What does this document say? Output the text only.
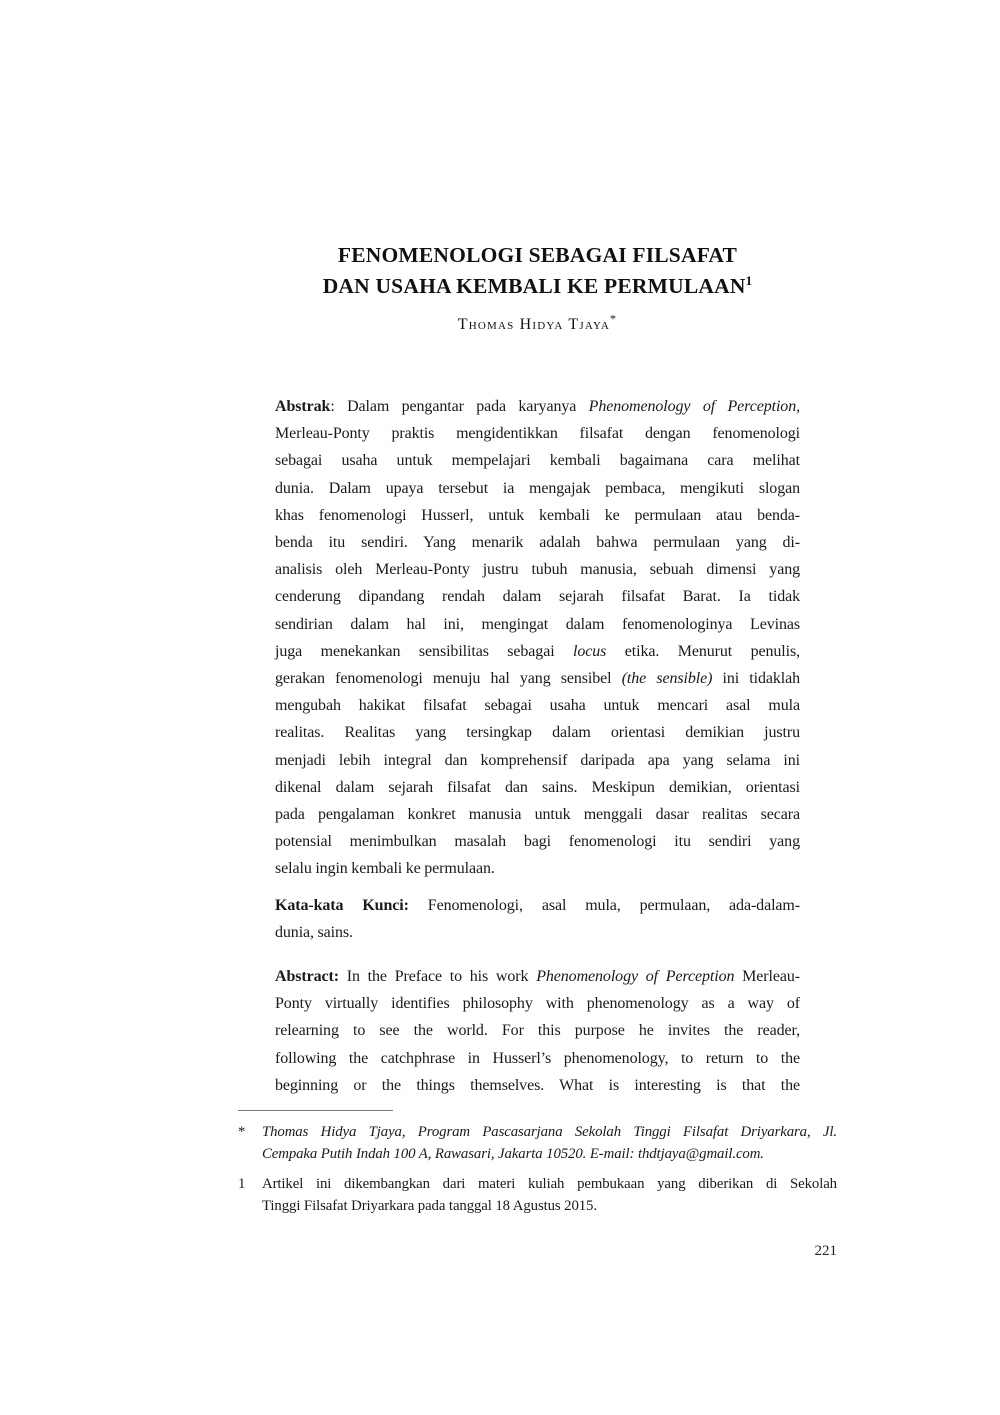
FENOMENOLOGI SEBAGAI FILSAFAT
DAN USAHA KEMBALI KE PERMULAAN$^1$
Thomas Hidya Tjaya*
Abstrak: Dalam pengantar pada karyanya Phenomenology of Perception,
Merleau-Ponty praktis mengidentikkan filsafat dengan fenomenologi
sebagai usaha untuk mempelajari kembali bagaimana cara melihat
dunia. Dalam upaya tersebut ia mengajak pembaca, mengikuti slogan
khas fenomenologi Husserl, untuk kembali ke permulaan atau benda-
benda itu sendiri. Yang menarik adalah bahwa permulaan yang di-
analisis oleh Merleau-Ponty justru tubuh manusia, sebuah dimensi yang
cenderung dipandang rendah dalam sejarah filsafat Barat. Ia tidak
sendirian dalam hal ini, mengingat dalam fenomenologinya Levinas
juga menekankan sensibilitas sebagai locus etika. Menurut penulis,
gerakan fenomenologi menuju hal yang sensibel (the sensible) ini tidaklah
mengubah hakikat filsafat sebagai usaha untuk mencari asal mula
realitas. Realitas yang tersingkap dalam orientasi demikian justru
menjadi lebih integral dan komprehensif daripada apa yang selama ini
dikenal dalam sejarah filsafat dan sains. Meskipun demikian, orientasi
pada pengalaman konkret manusia untuk menggali dasar realitas secara
potensial menimbulkan masalah bagi fenomenologi itu sendiri yang
selalu ingin kembali ke permulaan.
Kata-kata Kunci: Fenomenologi, asal mula, permulaan, ada-dalam-
dunia, sains.
Abstract: In the Preface to his work Phenomenology of Perception Merleau-
Ponty virtually identifies philosophy with phenomenology as a way of
relearning to see the world. For this purpose he invites the reader,
following the catchphrase in Husserl’s phenomenology, to return to the
beginning or the things themselves. What is interesting is that the
*	Thomas Hidya Tjaya, Program Pascasarjana Sekolah Tinggi Filsafat Driyarkara, Jl.
Cempaka Putih Indah 100 A, Rawasari, Jakarta 10520. E-mail: thdtjaya@gmail.com.
1	Artikel ini dikembangkan dari materi kuliah pembukaan yang diberikan di Sekolah
Tinggi Filsafat Driyarkara pada tanggal 18 Agustus 2015.
221
